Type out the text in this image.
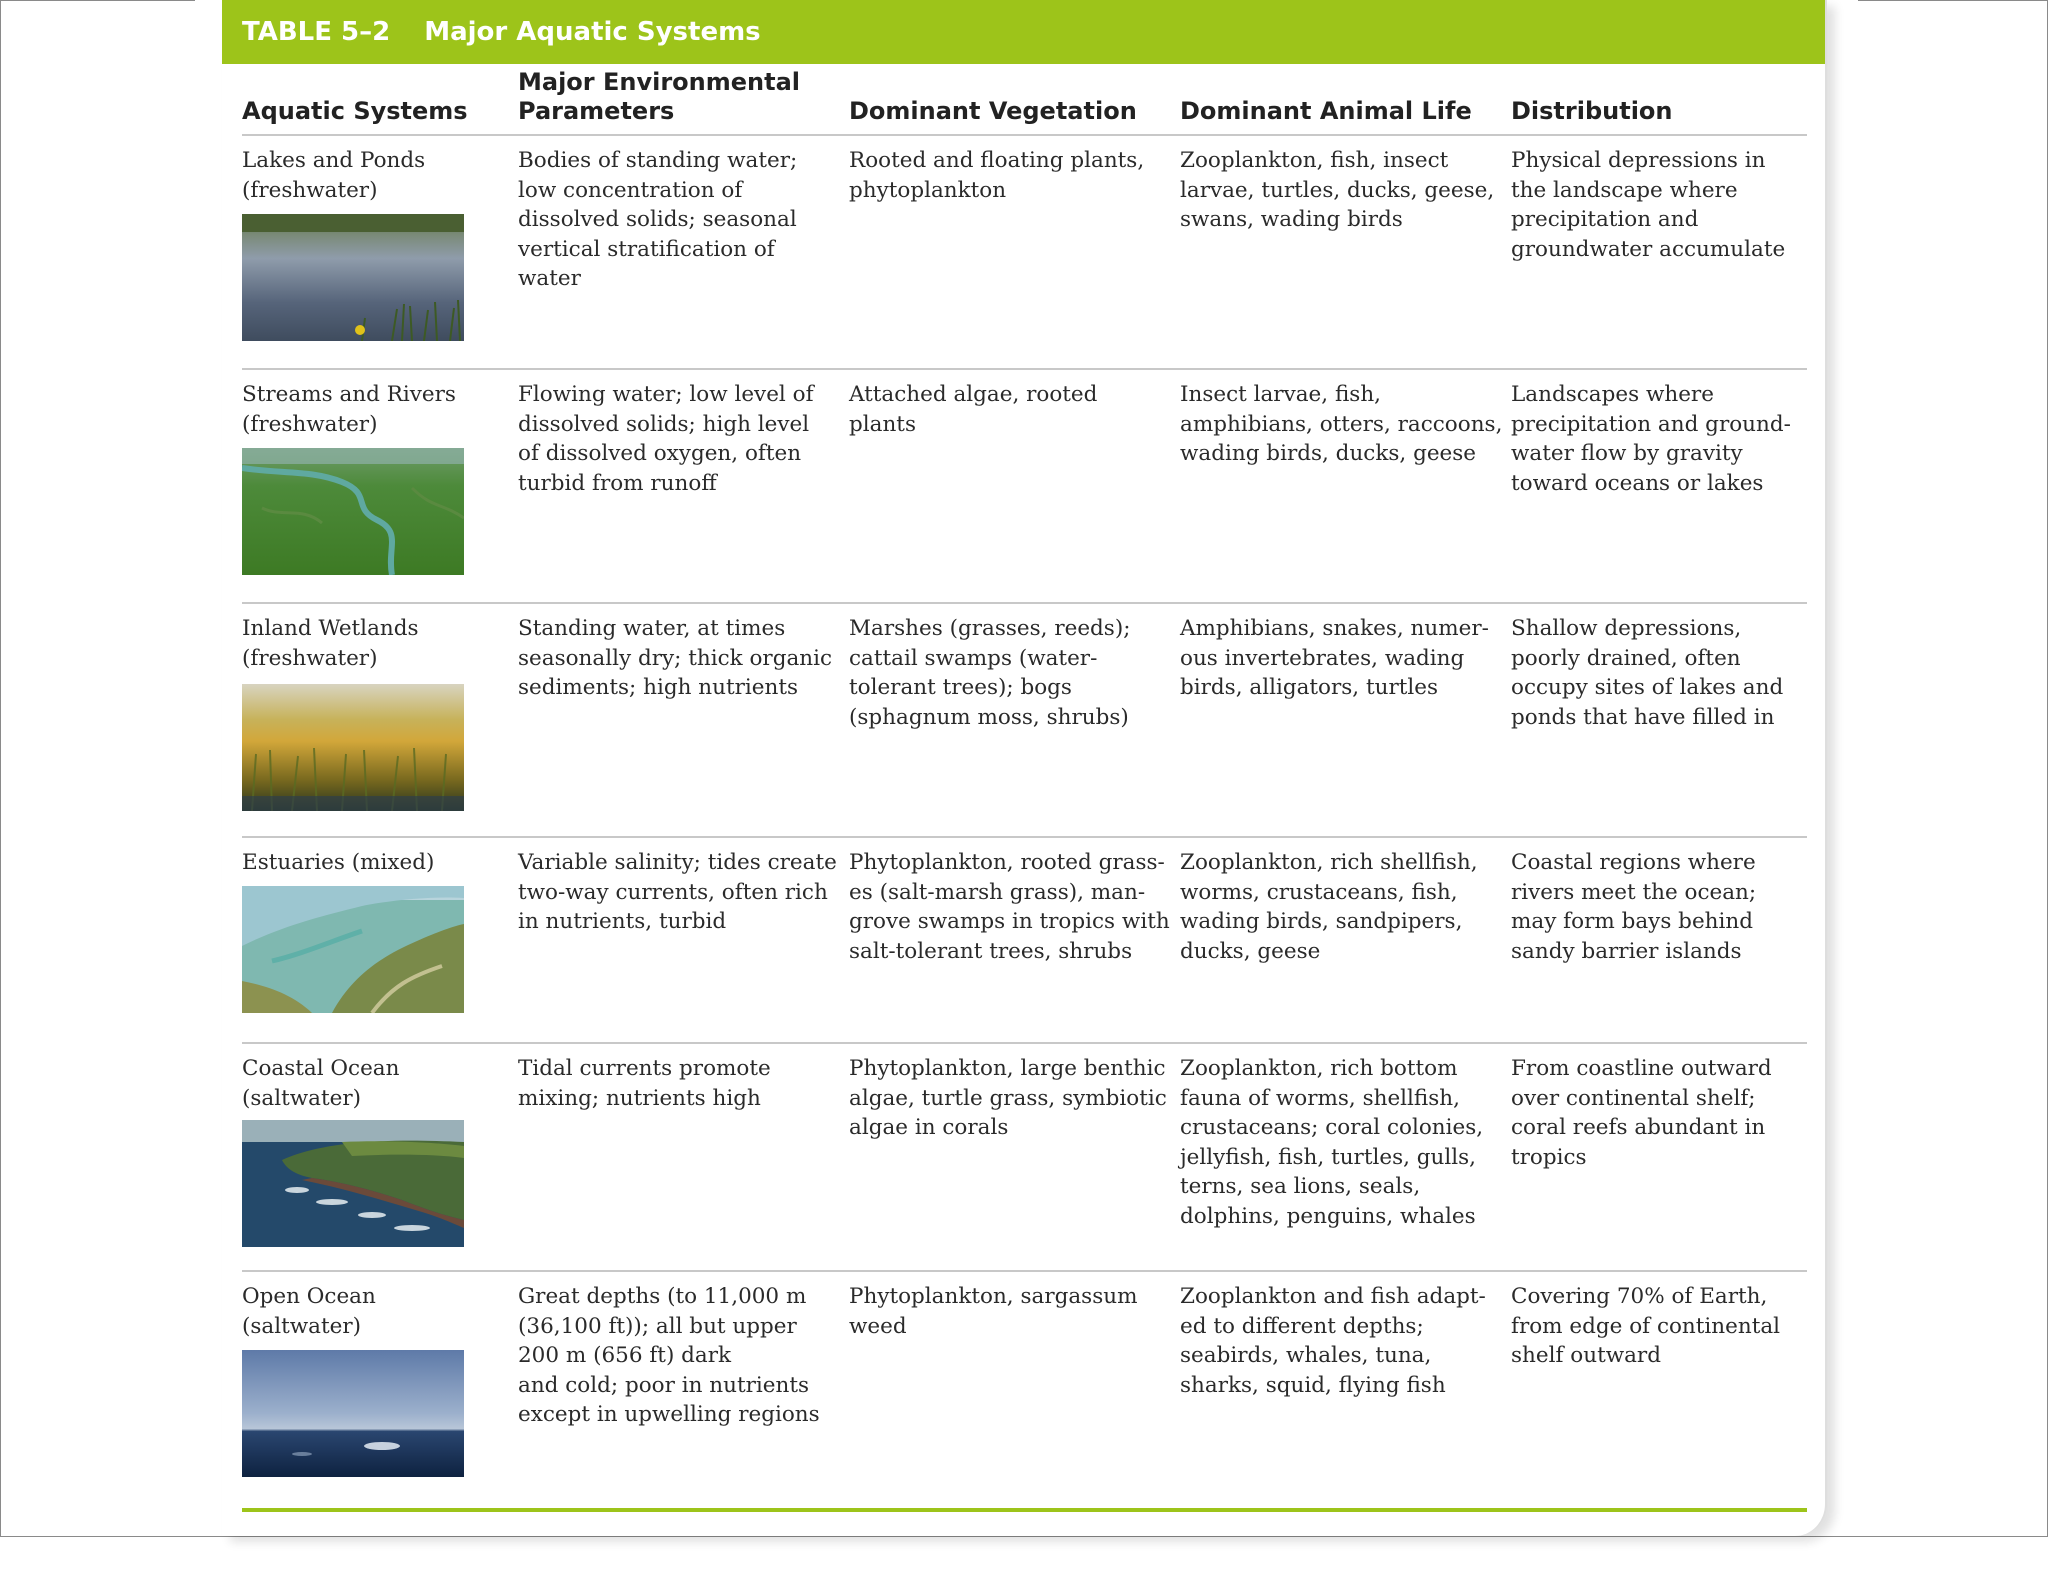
TABLE 5–2 Major Aquatic Systems
Aquatic Systems
Major Environmental
Parameters	Dominant Vegetation Dominant Animal Life Distribution
Lakes and Ponds
(freshwater)
Bodies of standing water;
low concentration of
dissolved solids; seasonal
vertical stratification of
water
Rooted and floating plants,
phytoplankton
Zooplankton, fish, insect
larvae, turtles, ducks, geese,
swans, wading birds
Physical depressions in
the landscape where
precipitation and
groundwater accumulate
Streams and Rivers
(freshwater)
Flowing water; low level of
dissolved solids; high level
of dissolved oxygen, often
turbid from runoff
Attached algae, rooted
plants
Insect larvae, fish,
amphibians, otters, raccoons,
wading birds, ducks, geese
Landscapes where
precipitation and ground-
water flow by gravity
toward oceans or lakes
Inland Wetlands
(freshwater)
Standing water, at times
seasonally dry; thick organic
sediments; high nutrients
Marshes (grasses, reeds);
cattail swamps (water-
tolerant trees); bogs
(sphagnum moss, shrubs)
Amphibians, snakes, numer-
ous invertebrates, wading
birds, alligators, turtles
Shallow depressions,
poorly drained, often
occupy sites of lakes and
ponds that have filled in
Estuaries (mixed)	Variable salinity; tides create
two-way currents, often rich
in nutrients, turbid
Phytoplankton, rooted grass-
es (salt-marsh grass), man-
grove swamps in tropics with
salt-tolerant trees, shrubs
Zooplankton, rich shellfish,
worms, crustaceans, fish,
wading birds, sandpipers,
ducks, geese
Coastal regions where
rivers meet the ocean;
may form bays behind
sandy barrier islands
Coastal Ocean
(saltwater)
Tidal currents promote
mixing; nutrients high
Phytoplankton, large benthic
algae, turtle grass, symbiotic
algae in corals
Zooplankton, rich bottom
fauna of worms, shellfish,
crustaceans; coral colonies,
jellyfish, fish, turtles, gulls,
terns, sea lions, seals,
dolphins, penguins, whales
From coastline outward
over continental shelf;
coral reefs abundant in
tropics
Open Ocean
(saltwater)
Great depths (to 11,000 m
(36,100 ft)); all but upper
200 m (656 ft) dark
and cold; poor in nutrients
except in upwelling regions
Phytoplankton, sargassum
weed
Zooplankton and fish adapt-
ed to different depths;
seabirds, whales, tuna,
sharks, squid, flying fish
Covering 70% of Earth,
from edge of continental
shelf outward
